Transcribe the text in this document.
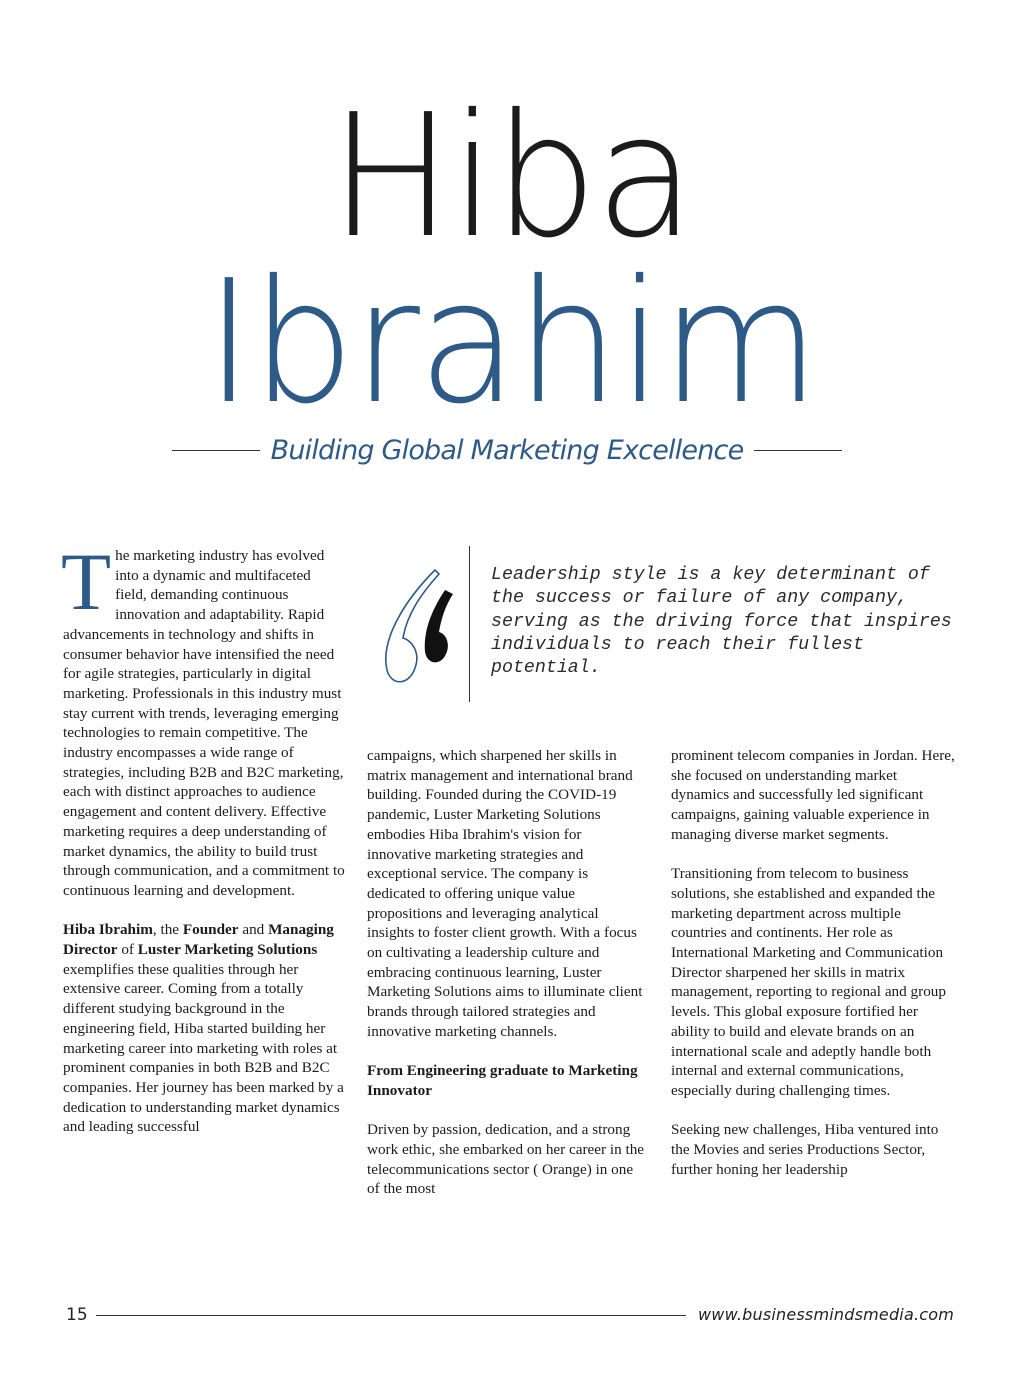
Hiba
Ibrahim
Building Global Marketing Excellence

The marketing industry has evolved into a dynamic and multifaceted field, demanding continuous innovation and adaptability. Rapid advancements in technology and shifts in consumer behavior have intensified the need for agile strategies, particularly in digital marketing. Professionals in this industry must stay current with trends, leveraging emerging technologies to remain competitive. The industry encompasses a wide range of strategies, including B2B and B2C marketing, each with distinct approaches to audience engagement and content delivery. Effective marketing requires a deep understanding of market dynamics, the ability to build trust through communication, and a commitment to continuous learning and development.

Hiba Ibrahim, the Founder and Managing Director of Luster Marketing Solutions exemplifies these qualities through her extensive career. Coming from a totally different studying background in the engineering field, Hiba started building her marketing career into marketing with roles at prominent companies in both B2B and B2C companies. Her journey has been marked by a dedication to understanding market dynamics and leading successful

Leadership style is a key determinant of the success or failure of any company, serving as the driving force that inspires individuals to reach their fullest potential.

campaigns, which sharpened her skills in matrix management and international brand building. Founded during the COVID-19 pandemic, Luster Marketing Solutions embodies Hiba Ibrahim's vision for innovative marketing strategies and exceptional service. The company is dedicated to offering unique value propositions and leveraging analytical insights to foster client growth. With a focus on cultivating a leadership culture and embracing continuous learning, Luster Marketing Solutions aims to illuminate client brands through tailored strategies and innovative marketing channels.

From Engineering graduate to Marketing Innovator

Driven by passion, dedication, and a strong work ethic, she embarked on her career in the telecommunications sector ( Orange) in one of the most

prominent telecom companies in Jordan. Here, she focused on understanding market dynamics and successfully led significant campaigns, gaining valuable experience in managing diverse market segments.

Transitioning from telecom to business solutions, she established and expanded the marketing department across multiple countries and continents. Her role as International Marketing and Communication Director sharpened her skills in matrix management, reporting to regional and group levels. This global exposure fortified her ability to build and elevate brands on an international scale and adeptly handle both internal and external communications, especially during challenging times.

Seeking new challenges, Hiba ventured into the Movies and series Productions Sector, further honing her leadership

15	www.businessmindsmedia.com
